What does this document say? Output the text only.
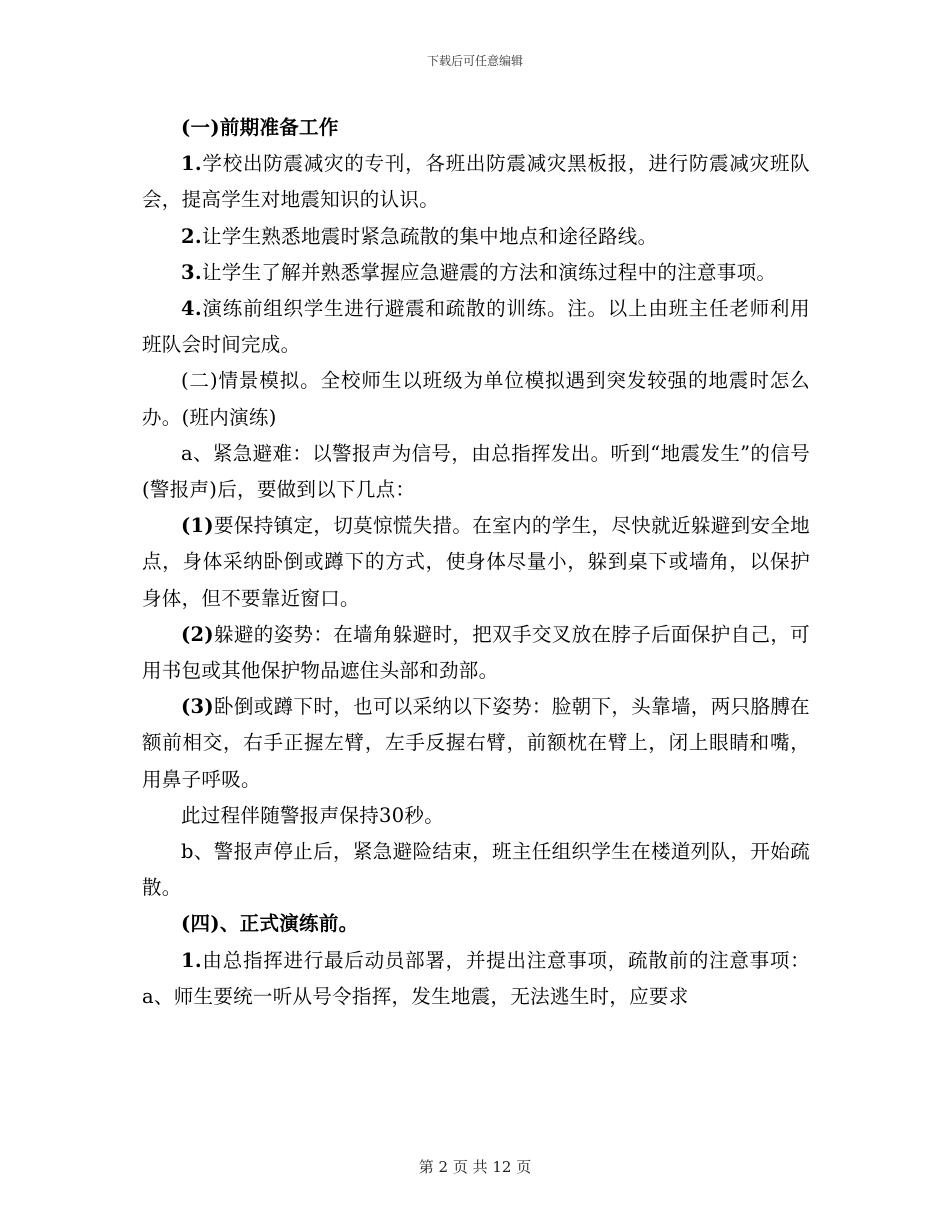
下载后可任意编辑

(一)前期准备工作

1.学校出防震减灾的专刊，各班出防震减灾黑板报，进行防震减灾班队会，提高学生对地震知识的认识。

2.让学生熟悉地震时紧急疏散的集中地点和途径路线。

3.让学生了解并熟悉掌握应急避震的方法和演练过程中的注意事项。

4.演练前组织学生进行避震和疏散的训练。注。以上由班主任老师利用班队会时间完成。

(二)情景模拟。全校师生以班级为单位模拟遇到突发较强的地震时怎么办。(班内演练)

a、紧急避难：以警报声为信号，由总指挥发出。听到“地震发生”的信号(警报声)后，要做到以下几点：

(1)要保持镇定，切莫惊慌失措。在室内的学生，尽快就近躲避到安全地点，身体采纳卧倒或蹲下的方式，使身体尽量小，躲到桌下或墙角，以保护身体，但不要靠近窗口。

(2)躲避的姿势：在墙角躲避时，把双手交叉放在脖子后面保护自己，可用书包或其他保护物品遮住头部和劲部。

(3)卧倒或蹲下时，也可以采纳以下姿势：脸朝下，头靠墙，两只胳膊在额前相交，右手正握左臂，左手反握右臂，前额枕在臂上，闭上眼睛和嘴，用鼻子呼吸。

此过程伴随警报声保持30秒。

b、警报声停止后，紧急避险结束，班主任组织学生在楼道列队，开始疏散。

(四)、正式演练前。

1.由总指挥进行最后动员部署，并提出注意事项，疏散前的注意事项：a、师生要统一听从号令指挥，发生地震，无法逃生时，应要求

第 2 页 共 12 页
